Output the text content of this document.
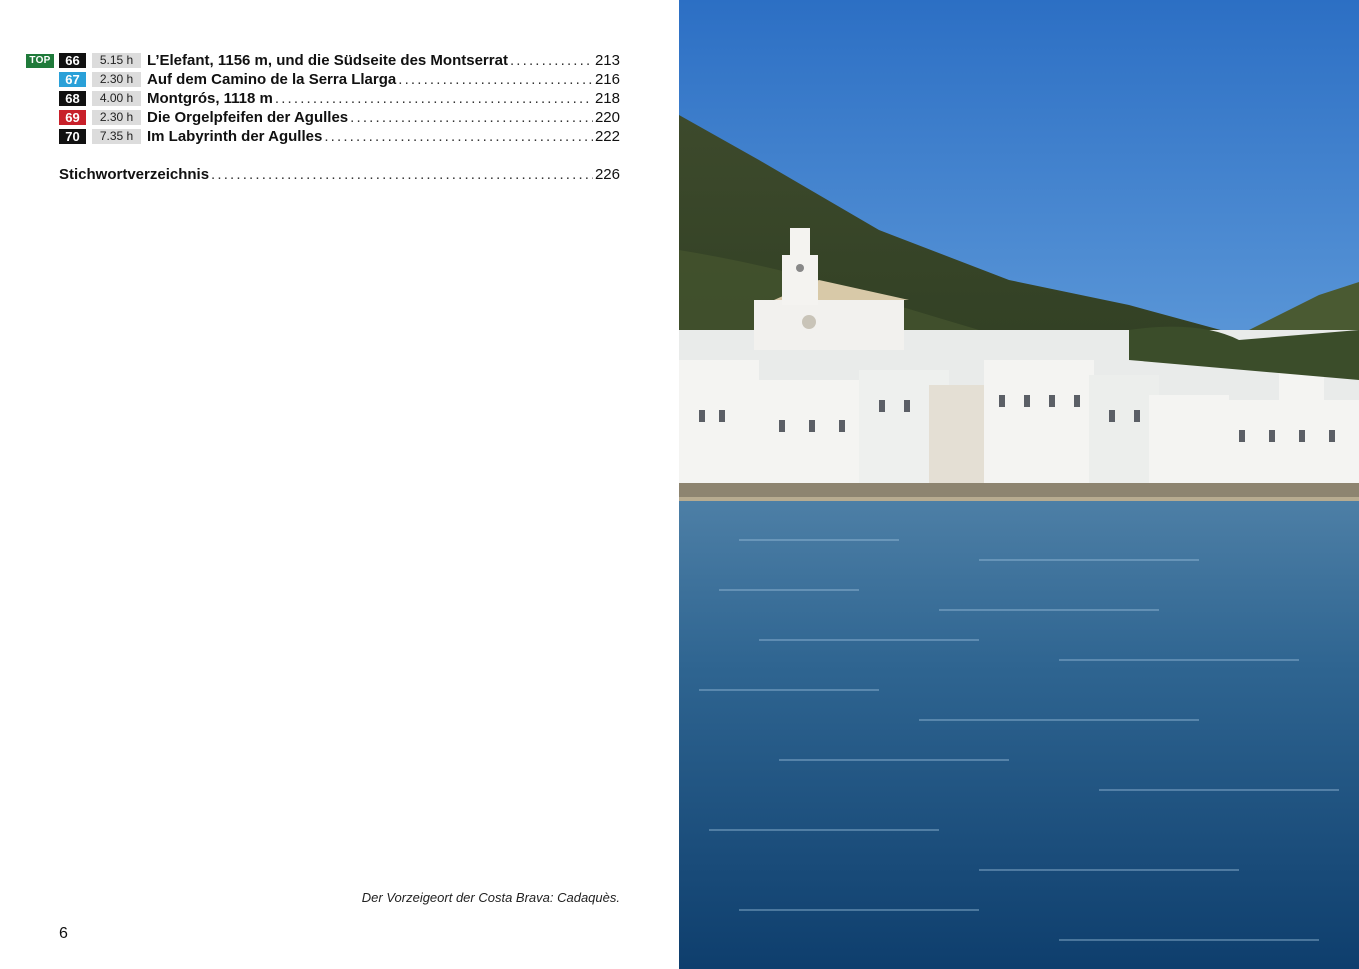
TOP	66	5.15 h L’Elefant, 1156 m, und die Südseite des Montserrat . . .	213
67	2.30 h Auf dem Camino de la Serra Llarga . . .	216
68	4.00 h Montgrós, 1118 m . . .	218
69	2.30 h Die Orgelpfeifen der Agulles . . .	220
70	7.35 h Im Labyrinth der Agulles . . .	222
Stichwortverzeichnis . . .	226
Der Vorzeigeort der Costa Brava: Cadaquès.
6
